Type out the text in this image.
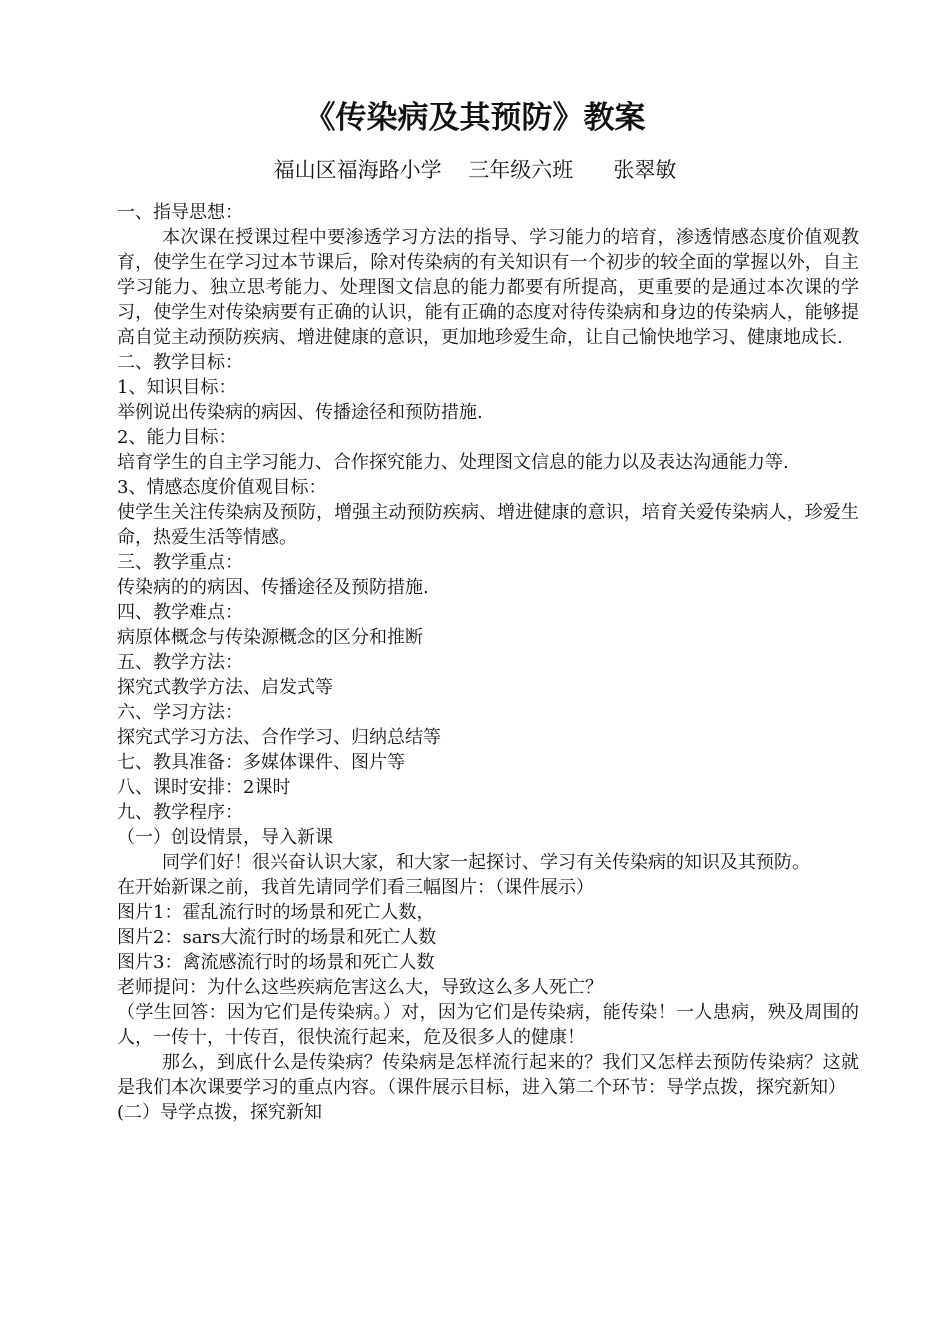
《传染病及其预防》教案
福山区福海路小学    三年级六班      张翠敏

一、指导思想：

本次课在授课过程中要渗透学习方法的指导、学习能力的培育，渗透情感态度价值观教育，使学生在学习过本节课后，除对传染病的有关知识有一个初步的较全面的掌握以外，自主学习能力、独立思考能力、处理图文信息的能力都要有所提高，更重要的是通过本次课的学习，使学生对传染病要有正确的认识，能有正确的态度对待传染病和身边的传染病人，能够提高自觉主动预防疾病、增进健康的意识，更加地珍爱生命，让自己愉快地学习、健康地成长.

二、教学目标：

1、知识目标：

举例说出传染病的病因、传播途径和预防措施.

2、能力目标：

培育学生的自主学习能力、合作探究能力、处理图文信息的能力以及表达沟通能力等.

3、情感态度价值观目标：

使学生关注传染病及预防，增强主动预防疾病、增进健康的意识，培育关爱传染病人，珍爱生命，热爱生活等情感。

三、教学重点：

传染病的的病因、传播途径及预防措施.

四、教学难点：

病原体概念与传染源概念的区分和推断

五、教学方法：

探究式教学方法、启发式等

六、学习方法：

探究式学习方法、合作学习、归纳总结等

七、教具准备：多媒体课件、图片等

八、课时安排：2课时

九、教学程序：

（一）创设情景，导入新课

同学们好！很兴奋认识大家，和大家一起探讨、学习有关传染病的知识及其预防。

在开始新课之前，我首先请同学们看三幅图片：（课件展示）

图片1：霍乱流行时的场景和死亡人数，

图片2：sars大流行时的场景和死亡人数

图片3：禽流感流行时的场景和死亡人数

老师提问：为什么这些疾病危害这么大，导致这么多人死亡？

（学生回答：因为它们是传染病。）对，因为它们是传染病，能传染！一人患病，殃及周围的人，一传十，十传百，很快流行起来，危及很多人的健康！

那么，到底什么是传染病？传染病是怎样流行起来的？我们又怎样去预防传染病？这就是我们本次课要学习的重点内容。（课件展示目标，进入第二个环节：导学点拨，探究新知）

(二）导学点拨，探究新知
